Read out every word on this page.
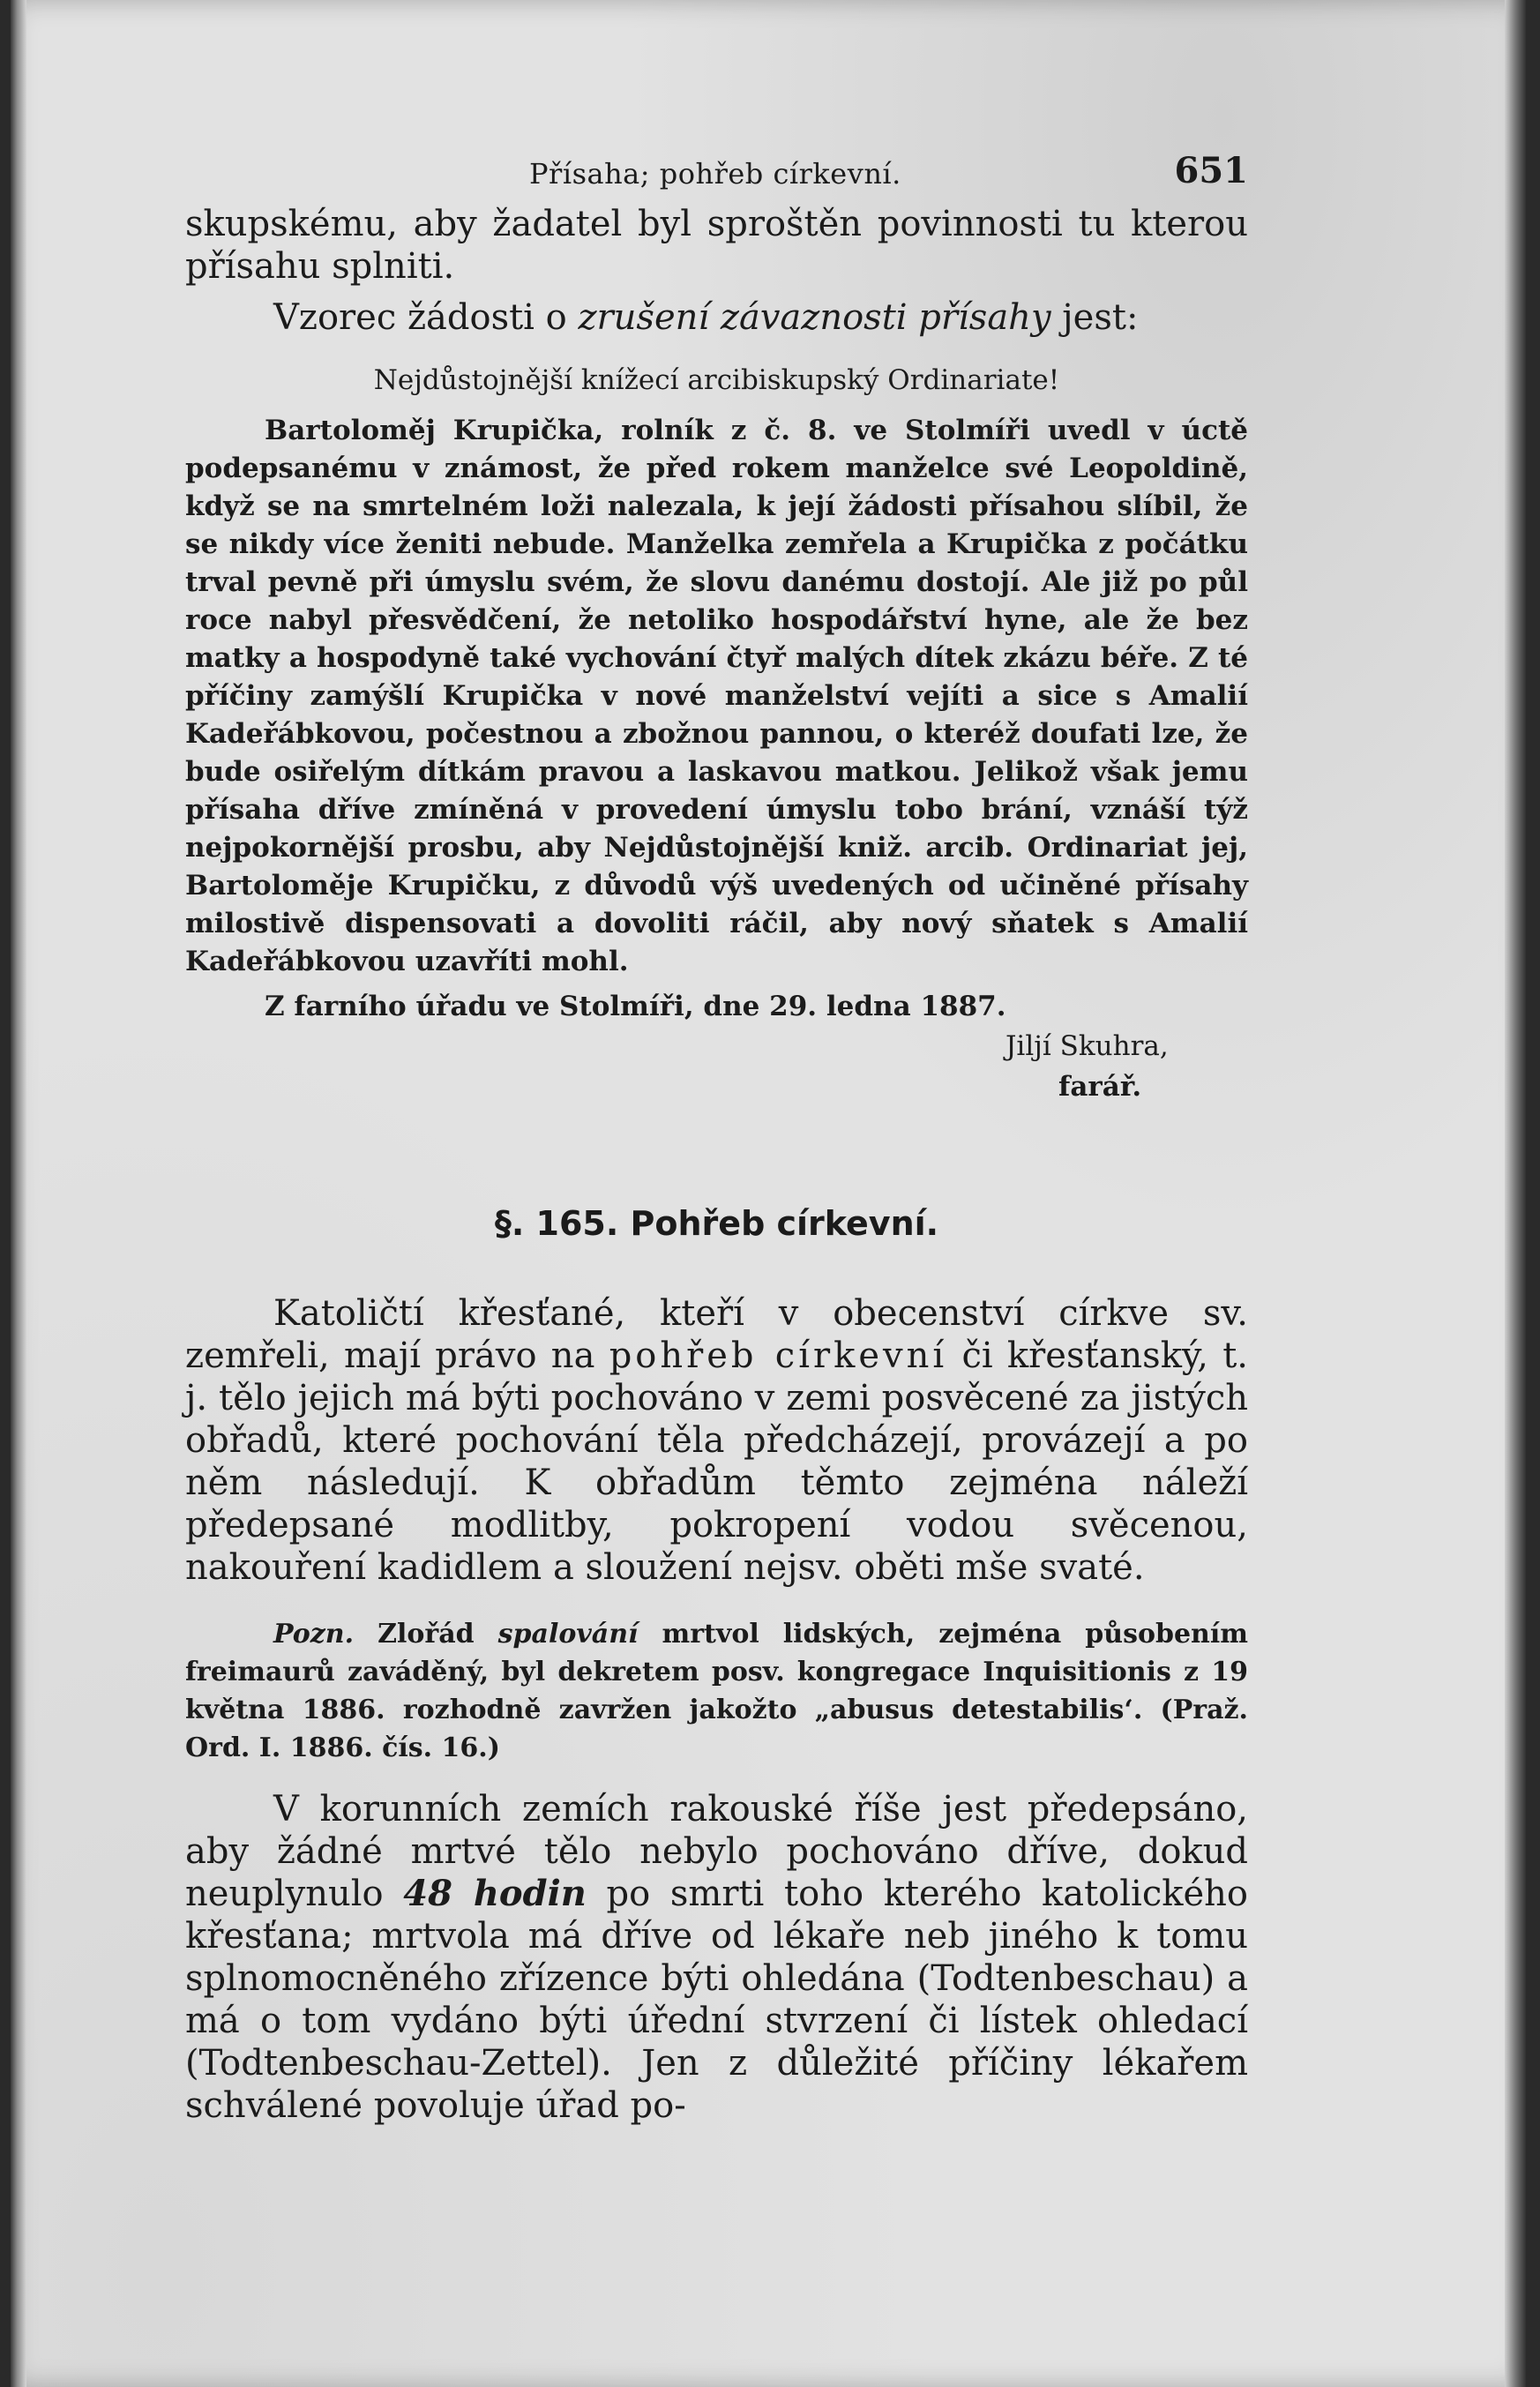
Přísaha; pohřeb církevní.	651

skupskému, aby žadatel byl sproštěn povinnosti tu kterou přísahu splniti.

Vzorec žádosti o zrušení závaznosti přísahy jest:

Nejdůstojnější knížecí arcibiskupský Ordinariate!

Bartoloměj Krupička, rolník z č. 8. ve Stolmíři uvedl v úctě podepsanému v známost, že před rokem manželce své Leopoldině, když se na smrtelném loži nalezala, k její žádosti přísahou slíbil, že se nikdy více ženiti nebude. Manželka zemřela a Krupička z počátku trval pevně při úmyslu svém, že slovu danému dostojí. Ale již po půl roce nabyl přesvědčení, že netoliko hospodářství hyne, ale že bez matky a hospodyně také vychování čtyř malých dítek zkázu béře. Z té příčiny zamýšlí Krupička v nové manželství vejíti a sice s Amalií Kadeřábkovou, počestnou a zbožnou pannou, o kteréž doufati lze, že bude osiřelým dítkám pravou a laskavou matkou. Jelikož však jemu přísaha dříve zmíněná v provedení úmyslu tobo brání, vznáší týž nejpokornější prosbu, aby Nejdůstojnější kniž. arcib. Ordinariat jej, Bartoloměje Krupičku, z důvodů výš uvedených od učiněné přísahy milostivě dispensovati a dovoliti ráčil, aby nový sňatek s Amalií Kadeřábkovou uzavříti mohl.

Z farního úřadu ve Stolmíři, dne 29. ledna 1887.

Jiljí Skuhra,
farář.
§. 165. Pohřeb církevní.

Katoličtí křesťané, kteří v obecenství církve sv. zemřeli, mají právo na pohřeb církevní či křesťanský, t. j. tělo jejich má býti pochováno v zemi posvěcené za jistých obřadů, které pochování těla předcházejí, provázejí a po něm následují. K obřadům těmto zejména náleží předepsané modlitby, pokropení vodou svěcenou, nakouření kadidlem a sloužení nejsv. oběti mše svaté.

Pozn. Zlořád spalování mrtvol lidských, zejména působením freimaurů zaváděný, byl dekretem posv. kongregace Inquisitionis z 19 května 1886. rozhodně zavržen jakožto „abusus detestabilis‘. (Praž. Ord. I. 1886. čís. 16.)

V korunních zemích rakouské říše jest předepsáno, aby žádné mrtvé tělo nebylo pochováno dříve, dokud neuplynulo 48 hodin po smrti toho kterého katolického křesťana; mrtvola má dříve od lékaře neb jiného k tomu splnomocněného zřízence býti ohledána (Todtenbeschau) a má o tom vydáno býti úřední stvrzení či lístek ohledací (Todtenbeschau-Zettel). Jen z důležité příčiny lékařem schválené povoluje úřad po-
